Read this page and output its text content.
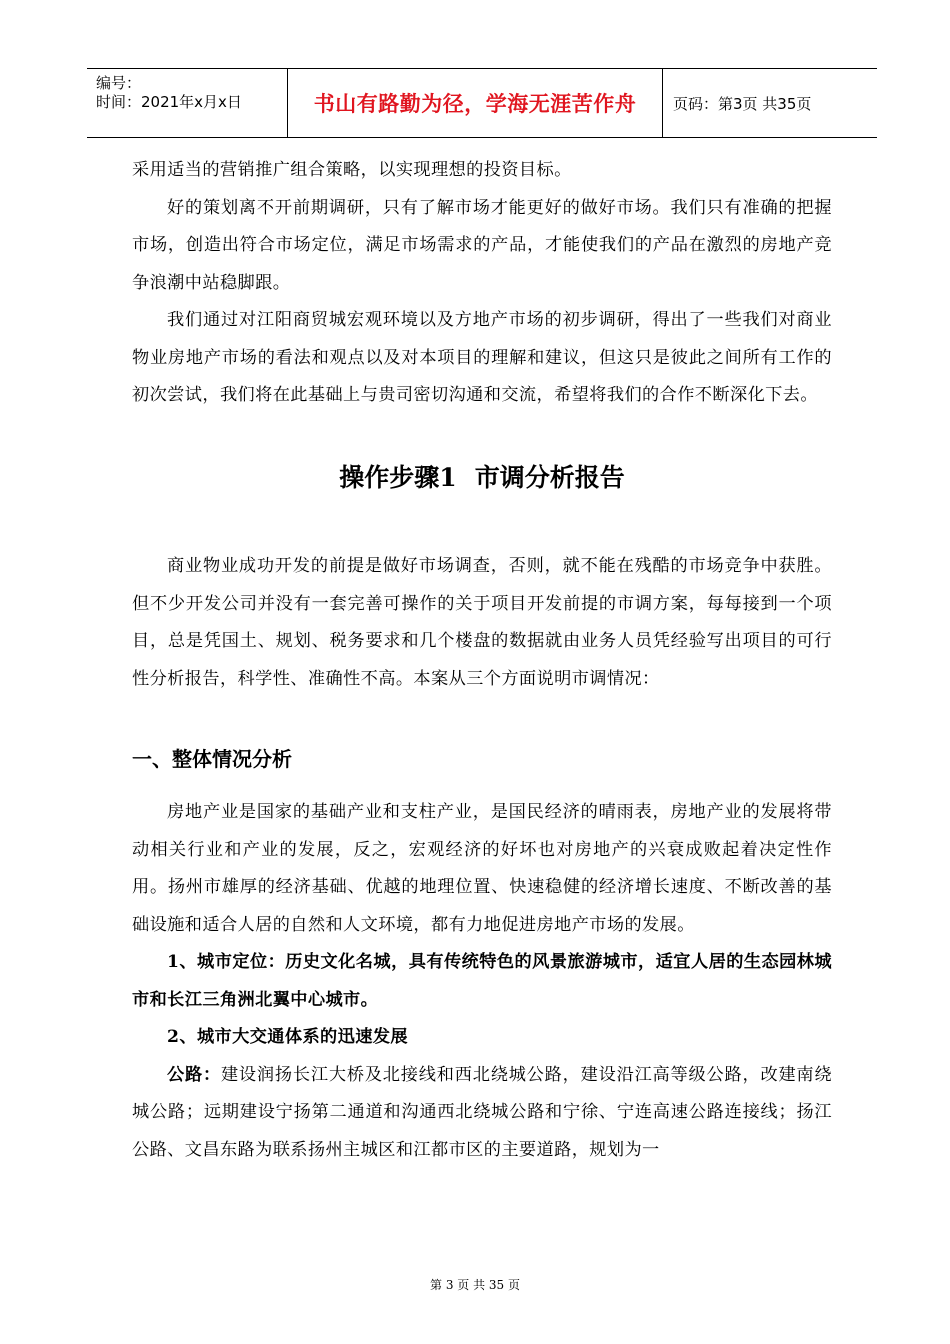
编号：
时间：2021年x月x日	书山有路勤为径，学海无涯苦作舟 页码：第3页 共35页

采用适当的营销推广组合策略，以实现理想的投资目标。

好的策划离不开前期调研，只有了解市场才能更好的做好市场。我们只有准确的把握市场，创造出符合市场定位，满足市场需求的产品，才能使我们的产品在激烈的房地产竞争浪潮中站稳脚跟。

我们通过对江阳商贸城宏观环境以及方地产市场的初步调研，得出了一些我们对商业物业房地产市场的看法和观点以及对本项目的理解和建议，但这只是彼此之间所有工作的初次尝试，我们将在此基础上与贵司密切沟通和交流，希望将我们的合作不断深化下去。

操作步骤1 市调分析报告

商业物业成功开发的前提是做好市场调查，否则，就不能在残酷的市场竞争中获胜。但不少开发公司并没有一套完善可操作的关于项目开发前提的市调方案，每每接到一个项目，总是凭国土、规划、税务要求和几个楼盘的数据就由业务人员凭经验写出项目的可行性分析报告，科学性、准确性不高。本案从三个方面说明市调情况：

一、整体情况分析

房地产业是国家的基础产业和支柱产业，是国民经济的晴雨表，房地产业的发展将带动相关行业和产业的发展，反之，宏观经济的好坏也对房地产的兴衰成败起着决定性作用。扬州市雄厚的经济基础、优越的地理位置、快速稳健的经济增长速度、不断改善的基础设施和适合人居的自然和人文环境，都有力地促进房地产市场的发展。

1、城市定位：历史文化名城，具有传统特色的风景旅游城市，适宜人居的生态园林城市和长江三角洲北翼中心城市。

2、城市大交通体系的迅速发展

公路：建设润扬长江大桥及北接线和西北绕城公路，建设沿江高等级公路，改建南绕城公路；远期建设宁扬第二通道和沟通西北绕城公路和宁徐、宁连高速公路连接线；扬江公路、文昌东路为联系扬州主城区和江都市区的主要道路，规划为一

第 3 页 共 35 页
